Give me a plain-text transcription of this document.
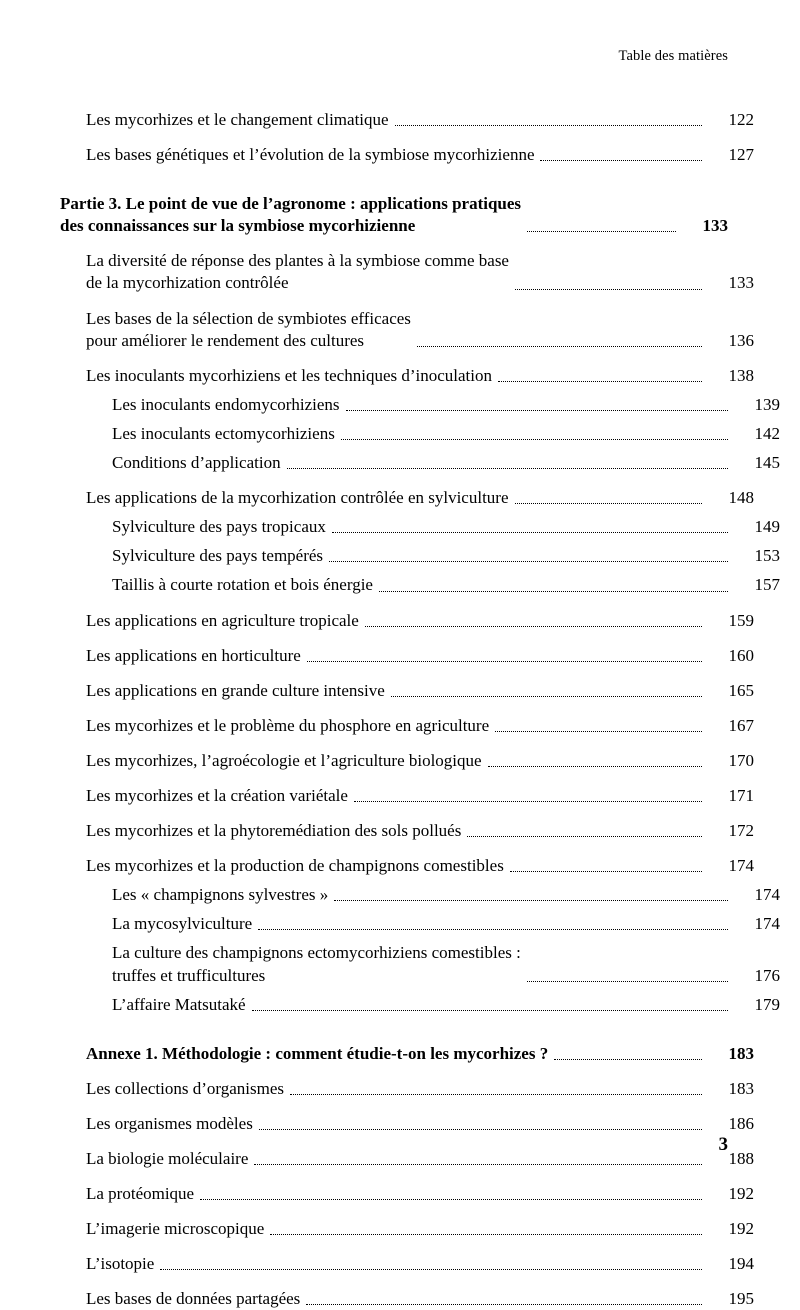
Table des matières
Les mycorhizes et le changement climatique	122
Les bases génétiques et l’évolution de la symbiose mycorhizienne	127
Partie 3. Le point de vue de l’agronome : applications pratiques
des connaissances sur la symbiose mycorhizienne	133
La diversité de réponse des plantes à la symbiose comme base
de la mycorhization contrôlée	133
Les bases de la sélection de symbiotes efficaces
pour améliorer le rendement des cultures	136
Les inoculants mycorhiziens et les techniques d’inoculation	138
Les inoculants endomycorhiziens	139
Les inoculants ectomycorhiziens	142
Conditions d’application	145
Les applications de la mycorhization contrôlée en sylviculture	148
Sylviculture des pays tropicaux	149
Sylviculture des pays tempérés	153
Taillis à courte rotation et bois énergie	157
Les applications en agriculture tropicale	159
Les applications en horticulture	160
Les applications en grande culture intensive	165
Les mycorhizes et le problème du phosphore en agriculture	167
Les mycorhizes, l’agroécologie et l’agriculture biologique	170
Les mycorhizes et la création variétale	171
Les mycorhizes et la phytoremédiation des sols pollués	172
Les mycorhizes et la production de champignons comestibles	174
Les « champignons sylvestres »	174
La mycosylviculture	174
La culture des champignons ectomycorhiziens comestibles :
truffes et trufficultures	176
L’affaire Matsutaké	179
Annexe 1. Méthodologie : comment étudie-t-on les mycorhizes ?	183
Les collections d’organismes	183
Les organismes modèles	186
La biologie moléculaire	188
La protéomique	192
L’imagerie microscopique	192
L’isotopie	194
Les bases de données partagées	195
3
